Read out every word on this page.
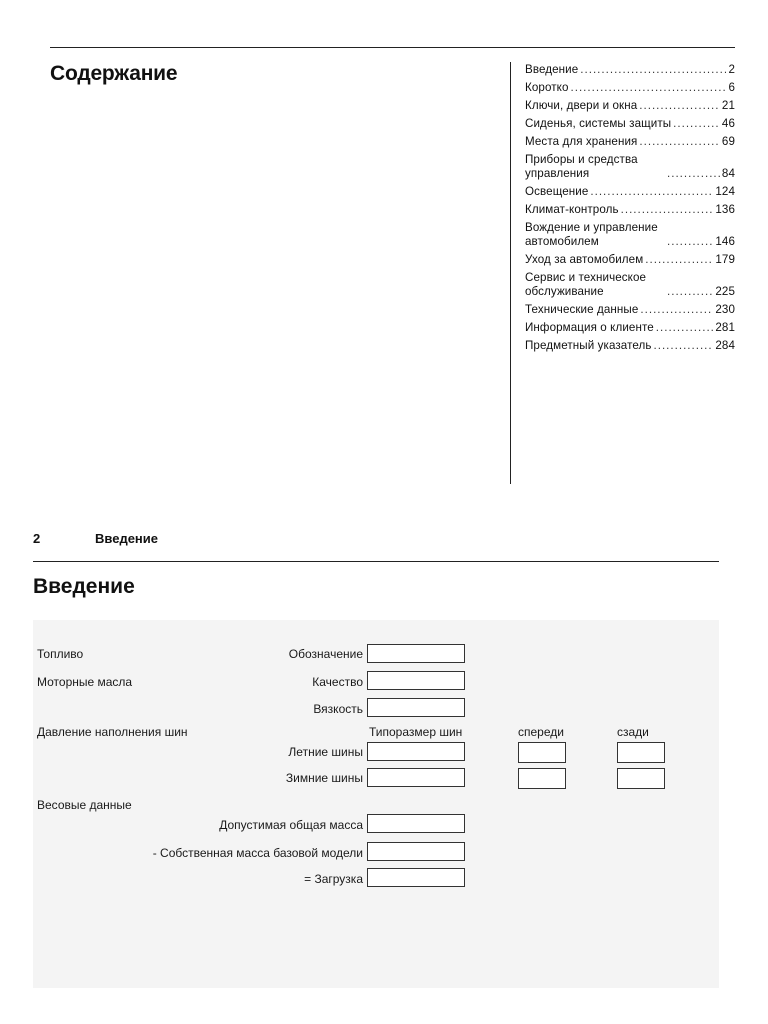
Содержание	Введение .....	2
Коротко .....	6
Ключи, двери и окна .....	21
Сиденья, системы защиты .....	46
Места для хранения .....	69
Приборы и средства управления .....	84
Освещение .....	124
Климат-контроль .....	136
Вождение и управление автомобилем .....	146
Уход за автомобилем .....	179
Сервис и техническое обслуживание .....	225
Технические данные .....	230
Информация о клиенте .....	281
Предметный указатель .....	284
2	Введение
Введение
Топливо	Обозначение
Моторные масла	Качество
Вязкость
Давление наполнения шин	Типоразмер шин	спереди	сзади
Летние шины
Зимние шины
Весовые данные
Допустимая общая масса
- Собственная масса базовой модели
= Загрузка
